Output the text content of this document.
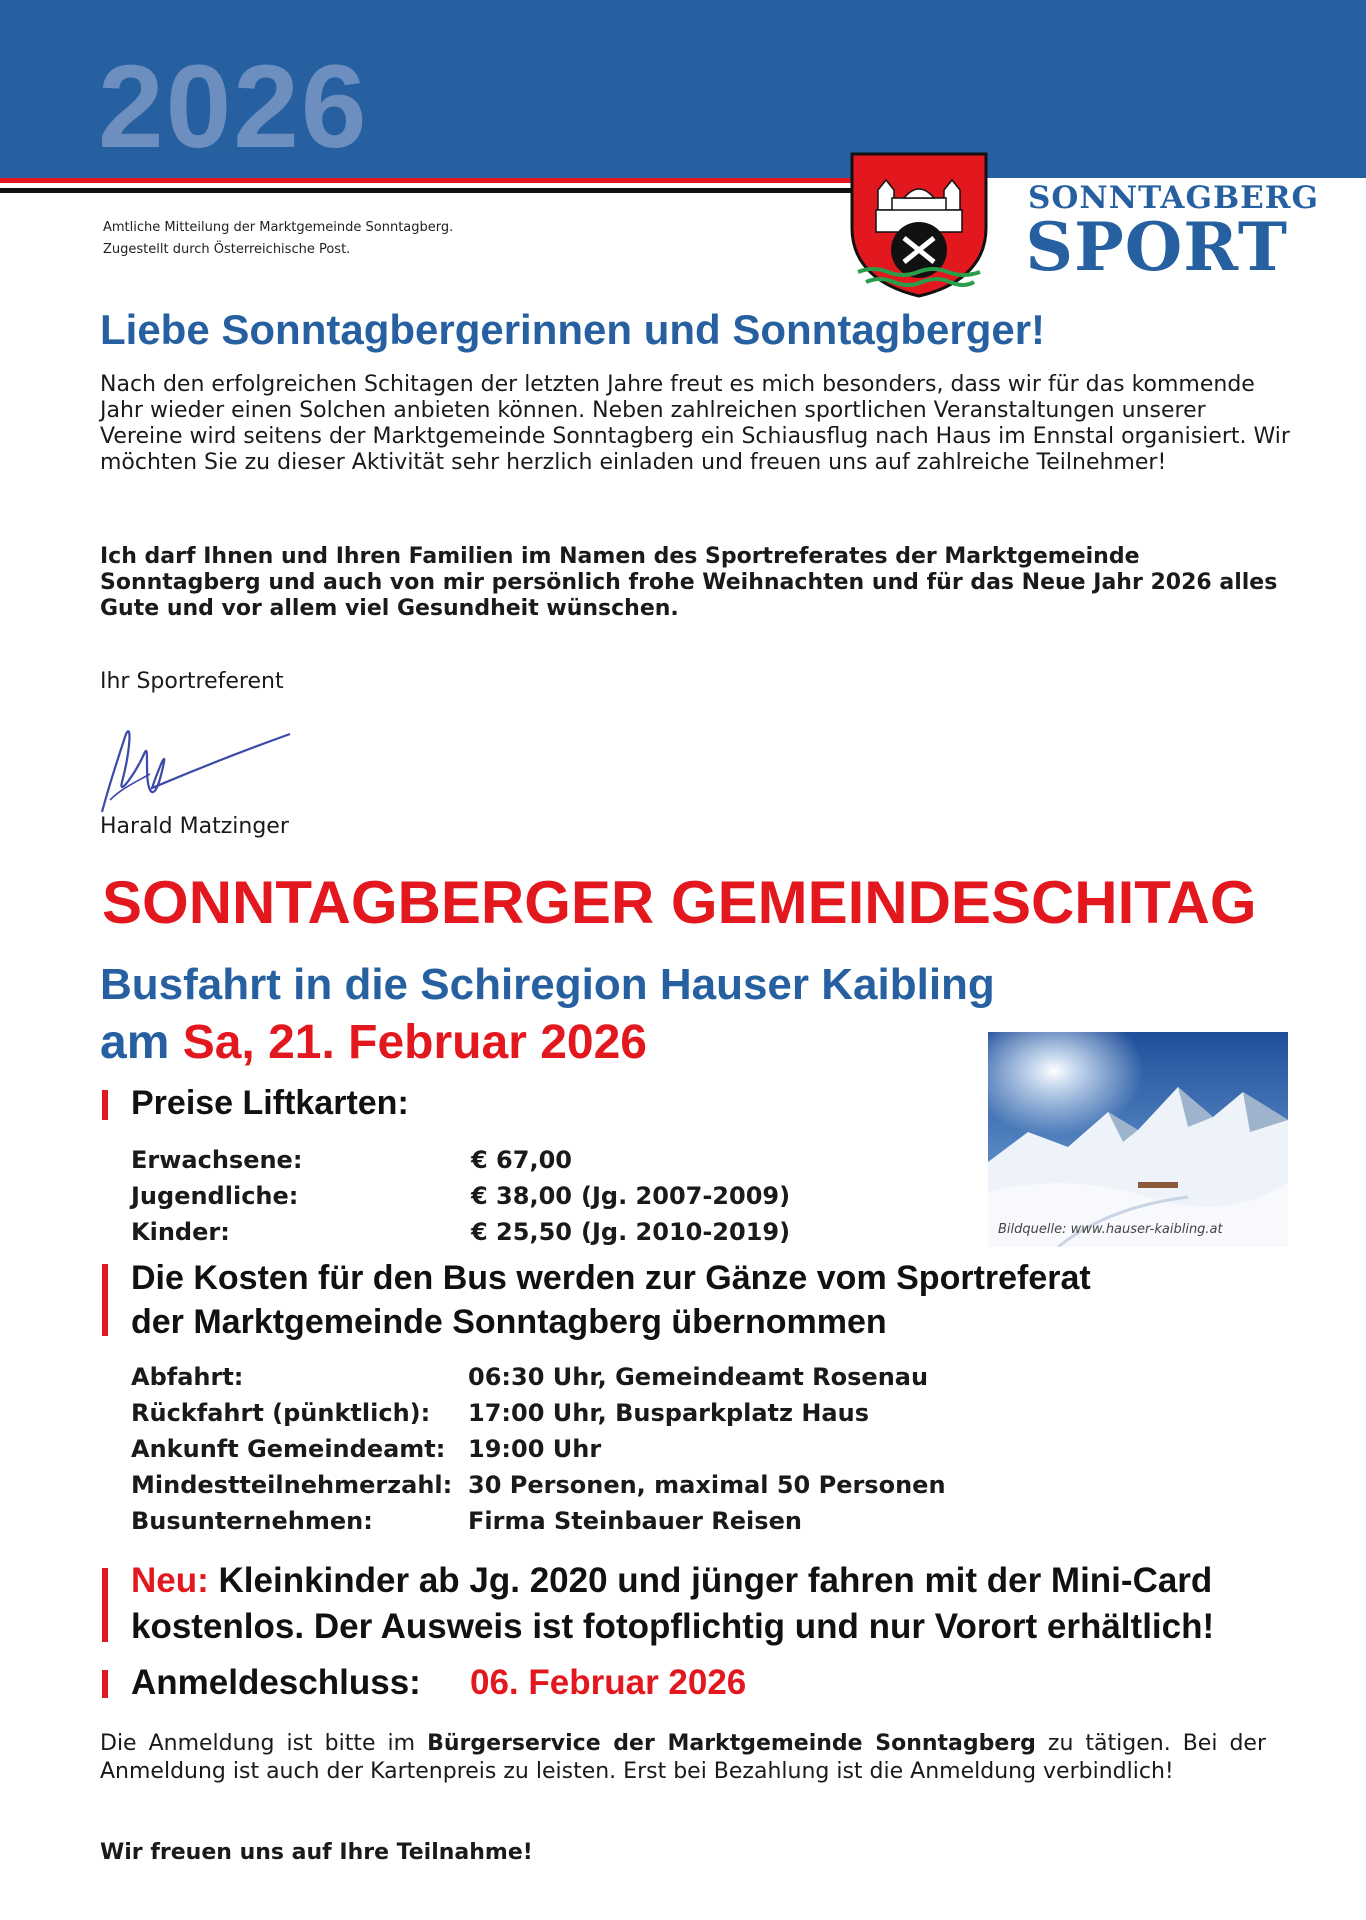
2026
Amtliche Mitteilung der Marktgemeinde Sonntagberg.
Zugestellt durch Österreichische Post.
SONNTAGBERG
SPORT
Liebe Sonntagbergerinnen und Sonntagberger!
Nach den erfolgreichen Schitagen der letzten Jahre freut es mich besonders, dass wir für das kommende Jahr wieder einen Solchen anbieten können. Neben zahlreichen sportlichen Veranstaltungen unserer Vereine wird seitens der Marktgemeinde Sonntagberg ein Schiausflug nach Haus im Ennstal organisiert. Wir möchten Sie zu dieser Aktivität sehr herzlich einladen und freuen uns auf zahlreiche Teilnehmer!
Ich darf Ihnen und Ihren Familien im Namen des Sportreferates der Marktgemeinde Sonntagberg und auch von mir persönlich frohe Weihnachten und für das Neue Jahr 2026 alles Gute und vor allem viel Gesundheit wünschen.
Ihr Sportreferent
Harald Matzinger
SONNTAGBERGER GEMEINDESCHITAG
Busfahrt in die Schiregion Hauser Kaibling
am Sa, 21. Februar 2026
Bildquelle: www.hauser-kaibling.at
Preise Liftkarten:
Erwachsene:	€ 67,00
Jugendliche:	€ 38,00 (Jg. 2007-2009)
Kinder:	€ 25,50 (Jg. 2010-2019)
Die Kosten für den Bus werden zur Gänze vom Sportreferat
der Marktgemeinde Sonntagberg übernommen
Abfahrt:	06:30 Uhr, Gemeindeamt Rosenau
Rückfahrt (pünktlich): 17:00 Uhr, Busparkplatz Haus
Ankunft Gemeindeamt: 19:00 Uhr
Mindestteilnehmerzahl: 30 Personen, maximal 50 Personen
Busunternehmen:	Firma Steinbauer Reisen
Neu: Kleinkinder ab Jg. 2020 und jünger fahren mit der Mini-Card
kostenlos. Der Ausweis ist fotopflichtig und nur Vorort erhältlich!
Anmeldeschluss: 06. Februar 2026
Die Anmeldung ist bitte im Bürgerservice der Marktgemeinde Sonntagberg zu tätigen. Bei der Anmeldung ist auch der Kartenpreis zu leisten. Erst bei Bezahlung ist die Anmeldung verbindlich!
Wir freuen uns auf Ihre Teilnahme!
